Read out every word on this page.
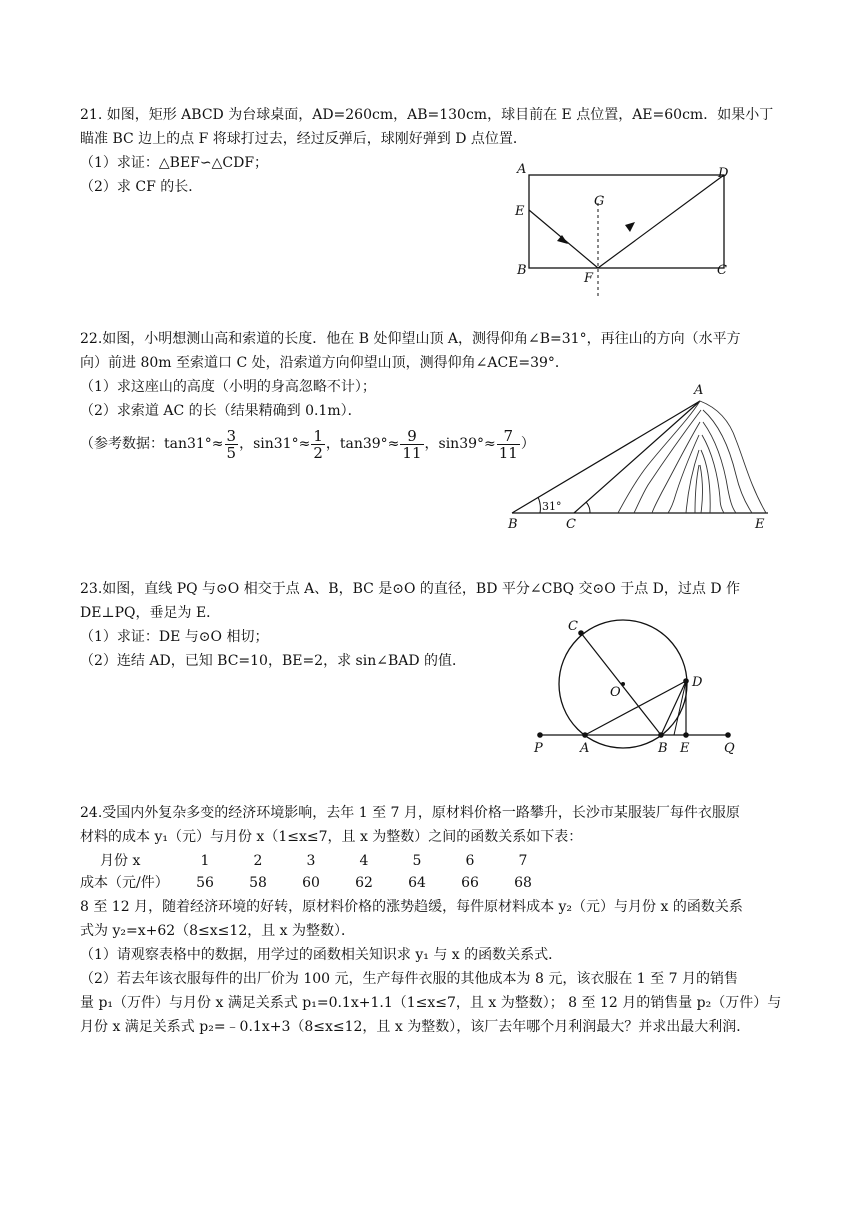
21. 如图，矩形 ABCD 为台球桌面，AD=260cm，AB=130cm，球目前在 E 点位置，AE=60cm．如果小丁
瞄准 BC 边上的点 F 将球打过去，经过反弹后，球刚好弹到 D 点位置．
（1）求证：△BEF∽△CDF；
（2）求 CF 的长．
A
B	C
D
E
F
G
22.如图，小明想测山高和索道的长度．他在 B 处仰望山顶 A，测得仰角∠B=31°，再往山的方向（水平方
向）前进 80m 至索道口 C 处，沿索道方向仰望山顶，测得仰角∠ACE=39°．
（1）求这座山的高度（小明的身高忽略不计）；
（2）求索道 AC 的长（结果精确到 0.1m）．
（参考数据：$\tan 31^\circ\approx \frac{3}{5}$ ，$\sin 31^\circ\approx \frac{1}{2}$ ，$\tan 39^\circ\approx \frac{9}{11}$ ，$\sin 39^\circ\approx \frac{7}{11}$ ）
A
B	C	E
31°
23.如图，直线 PQ 与⊙O 相交于点 A、B，BC 是⊙O 的直径，BD 平分∠CBQ 交⊙O 于点 D，过点 D 作
DE⊥PQ，垂足为 E．
（1）求证：DE 与⊙O 相切；
（2）连结 AD，已知 BC=10，BE=2，求 sin∠BAD 的值．
C
O
D
P	A	B E	Q
24.受国内外复杂多变的经济环境影响，去年 1 至 7 月，原材料价格一路攀升，长沙市某服装厂每件衣服原
材料的成本 y₁（元）与月份 x（1≤x≤7，且 x 为整数）之间的函数关系如下表：
月份 x	1	2	3	4	5	6	7
成本（元/件）	56	58	60	62	64	66	68
8 至 12 月，随着经济环境的好转，原材料价格的涨势趋缓，每件原材料成本 y₂（元）与月份 x 的函数关系
式为 y₂=x+62（8≤x≤12，且 x 为整数）．
（1）请观察表格中的数据，用学过的函数相关知识求 y₁ 与 x 的函数关系式．
（2）若去年该衣服每件的出厂价为 100 元，生产每件衣服的其他成本为 8 元，该衣服在 1 至 7 月的销售
量 p₁（万件）与月份 x 满足关系式 p₁=0.1x+1.1（1≤x≤7，且 x 为整数）； 8 至 12 月的销售量 p₂（万件）与
月份 x 满足关系式 p₂=﹣0.1x+3（8≤x≤12，且 x 为整数），该厂去年哪个月利润最大？并求出最大利润．
